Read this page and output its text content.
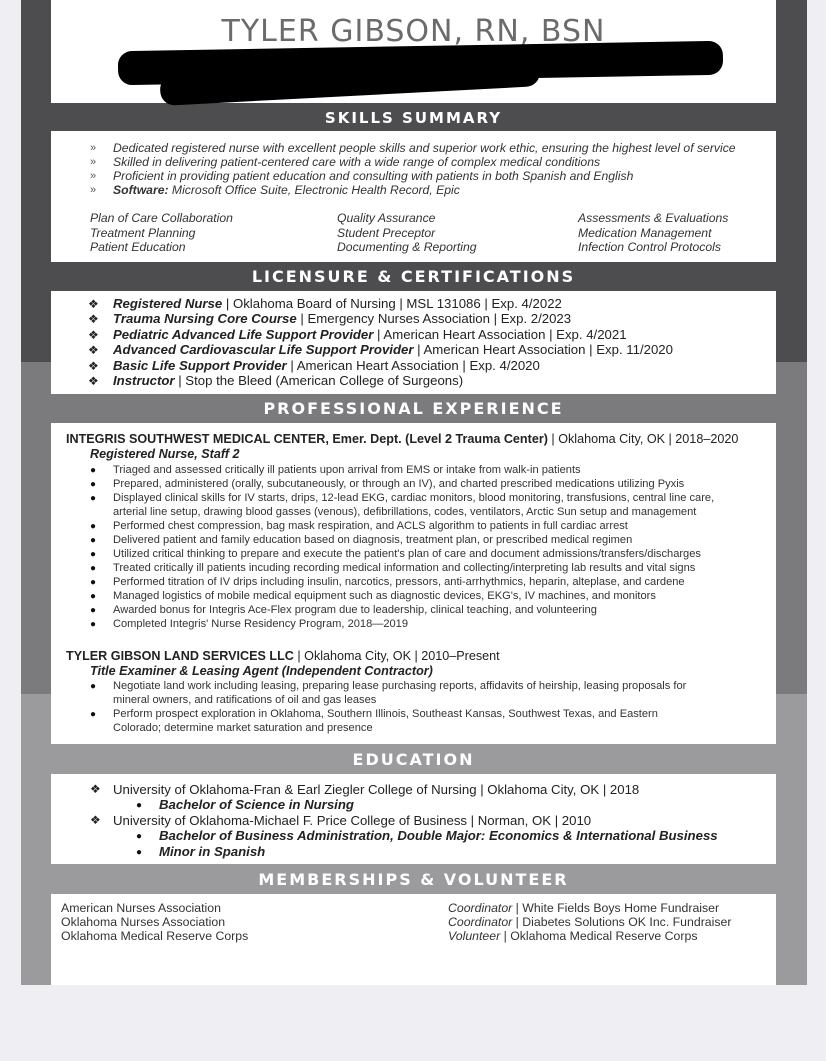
TYLER GIBSON, RN, BSN
SKILLS SUMMARY
» Dedicated registered nurse with excellent people skills and superior work ethic, ensuring the highest level of service
» Skilled in delivering patient-centered care with a wide range of complex medical conditions
» Proficient in providing patient education and consulting with patients in both Spanish and English
» Software: Microsoft Office Suite, Electronic Health Record, Epic
Plan of Care Collaboration
Treatment Planning
Patient Education
Quality Assurance
Student Preceptor
Documenting & Reporting
Assessments & Evaluations
Medication Management
Infection Control Protocols
LICENSURE & CERTIFICATIONS
❖ Registered Nurse | Oklahoma Board of Nursing | MSL 131086 | Exp. 4/2022
❖ Trauma Nursing Core Course | Emergency Nurses Association | Exp. 2/2023
❖ Pediatric Advanced Life Support Provider | American Heart Association | Exp. 4/2021
❖ Advanced Cardiovascular Life Support Provider | American Heart Association | Exp. 11/2020
❖ Basic Life Support Provider | American Heart Association | Exp. 4/2020
❖ Instructor | Stop the Bleed (American College of Surgeons)
PROFESSIONAL EXPERIENCE
INTEGRIS SOUTHWEST MEDICAL CENTER, Emer. Dept. (Level 2 Trauma Center) | Oklahoma City, OK | 2018–2020
Registered Nurse, Staff 2
● Triaged and assessed critically ill patients upon arrival from EMS or intake from walk-in patients
● Prepared, administered (orally, subcutaneously, or through an IV), and charted prescribed medications utilizing Pyxis
● Displayed clinical skills for IV starts, drips, 12-lead EKG, cardiac monitors, blood monitoring, transfusions, central line care,
arterial line setup, drawing blood gasses (venous), defibrillations, codes, ventilators, Arctic Sun setup and management
● Performed chest compression, bag mask respiration, and ACLS algorithm to patients in full cardiac arrest
● Delivered patient and family education based on diagnosis, treatment plan, or prescribed medical regimen
● Utilized critical thinking to prepare and execute the patient's plan of care and document admissions/transfers/discharges
● Treated critically ill patients incuding recording medical information and collecting/interpreting lab results and vital signs
● Performed titration of IV drips including insulin, narcotics, pressors, anti-arrhythmics, heparin, alteplase, and cardene
● Managed logistics of mobile medical equipment such as diagnostic devices, EKG's, IV machines, and monitors
● Awarded bonus for Integris Ace-Flex program due to leadership, clinical teaching, and volunteering
● Completed Integris' Nurse Residency Program, 2018—2019
TYLER GIBSON LAND SERVICES LLC | Oklahoma City, OK | 2010–Present
Title Examiner & Leasing Agent (Independent Contractor)
● Negotiate land work including leasing, preparing lease purchasing reports, affidavits of heirship, leasing proposals for
mineral owners, and ratifications of oil and gas leases
● Perform prospect exploration in Oklahoma, Southern Illinois, Southeast Kansas, Southwest Texas, and Eastern
Colorado; determine market saturation and presence
EDUCATION
❖ University of Oklahoma-Fran & Earl Ziegler College of Nursing | Oklahoma City, OK | 2018
● Bachelor of Science in Nursing
❖ University of Oklahoma-Michael F. Price College of Business | Norman, OK | 2010
● Bachelor of Business Administration, Double Major: Economics & International Business
● Minor in Spanish
MEMBERSHIPS & VOLUNTEER
American Nurses Association
Oklahoma Nurses Association
Oklahoma Medical Reserve Corps
Coordinator | White Fields Boys Home Fundraiser
Coordinator | Diabetes Solutions OK Inc. Fundraiser
Volunteer | Oklahoma Medical Reserve Corps
